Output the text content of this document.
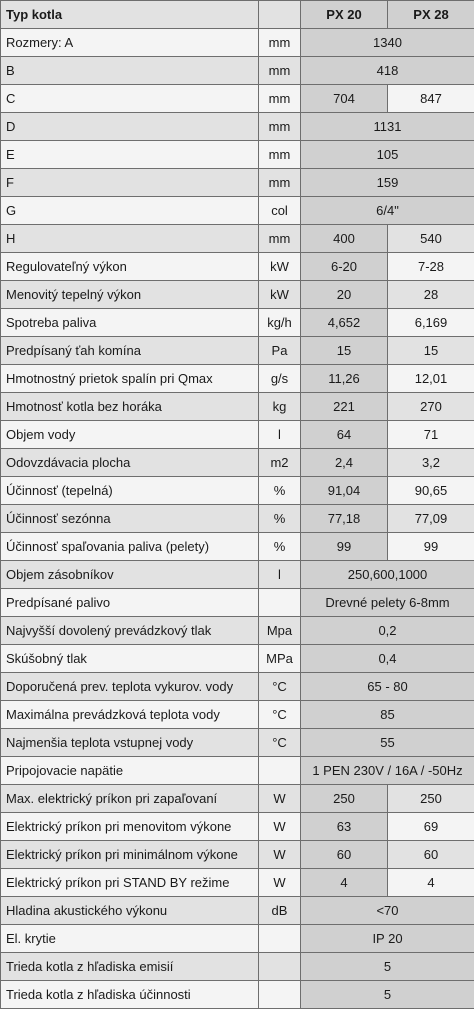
Typ kotla		PX 20	PX 28
Rozmery: A	mm	1340	
B	mm	418	
C	mm	704	847
D	mm	1131	
E	mm	105	
F	mm	159	
G	col	6/4"	
H	mm	400	540
Regulovateľný výkon	kW	6-20	7-28
Menovitý tepelný výkon	kW	20	28
Spotreba paliva	kg/h	4,652	6,169
Predpísaný ťah komína	Pa	15	15
Hmotnostný prietok spalín pri Qmax	g/s	11,26	12,01
Hmotnosť kotla bez horáka	kg	221	270
Objem vody	l	64	71
Odovzdávacia plocha	m2	2,4	3,2
Účinnosť (tepelná)	%	91,04	90,65
Účinnosť sezónna	%	77,18	77,09
Účinnosť spaľovania paliva (pelety)	%	99	99
Objem zásobníkov	l	250,600,1000	
Predpísané palivo		Drevné pelety 6-8mm	
Najvyšší dovolený prevádzkový tlak	Mpa	0,2	
Skúšobný tlak	MPa	0,4	
Doporučená prev. teplota vykurov. vody	°C	65 - 80	
Maximálna prevádzková teplota vody	°C	85	
Najmenšia teplota vstupnej vody	°C	55	
Pripojovacie napätie		1 PEN 230V / 16A / -50Hz	
Max. elektrický príkon pri zapaľovaní	W	250	250
Elektrický príkon pri menovitom výkone	W	63	69
Elektrický príkon pri minimálnom výkone	W	60	60
Elektrický príkon pri STAND BY režime	W	4	4
Hladina akustického výkonu	dB	<70	
El. krytie		IP 20	
Trieda kotla z hľadiska emisií		5	
Trieda kotla z hľadiska účinnosti		5	
